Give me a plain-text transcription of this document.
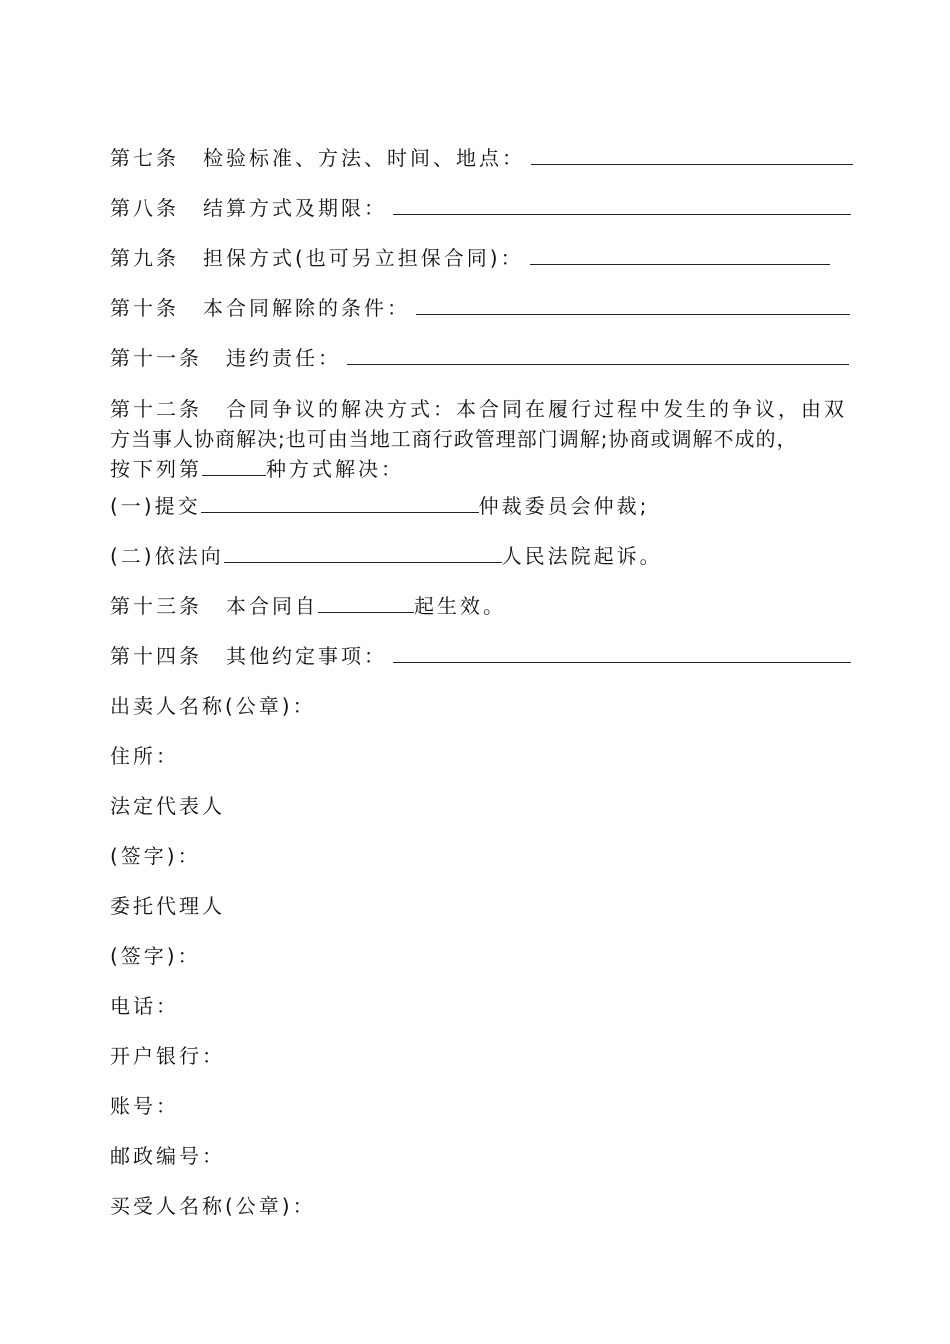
第七条 检验标准、方法、时间、地点：
第八条 结算方式及期限：
第九条 担保方式(也可另立担保合同)：
第十条 本合同解除的条件：
第十一条 违约责任：
第十二条 合同争议的解决方式：本合同在履行过程中发生的争议，由双
方当事人协商解决;也可由当地工商行政管理部门调解;协商或调解不成的，
按下列第	种方式解决：
(一)提交	仲裁委员会仲裁;
(二)依法向	人民法院起诉。
第十三条 本合同自	起生效。
第十四条 其他约定事项：
出卖人名称(公章)：
住所：
法定代表人
(签字)：
委托代理人
(签字)：
电话：
开户银行：
账号：
邮政编号：
买受人名称(公章)：
